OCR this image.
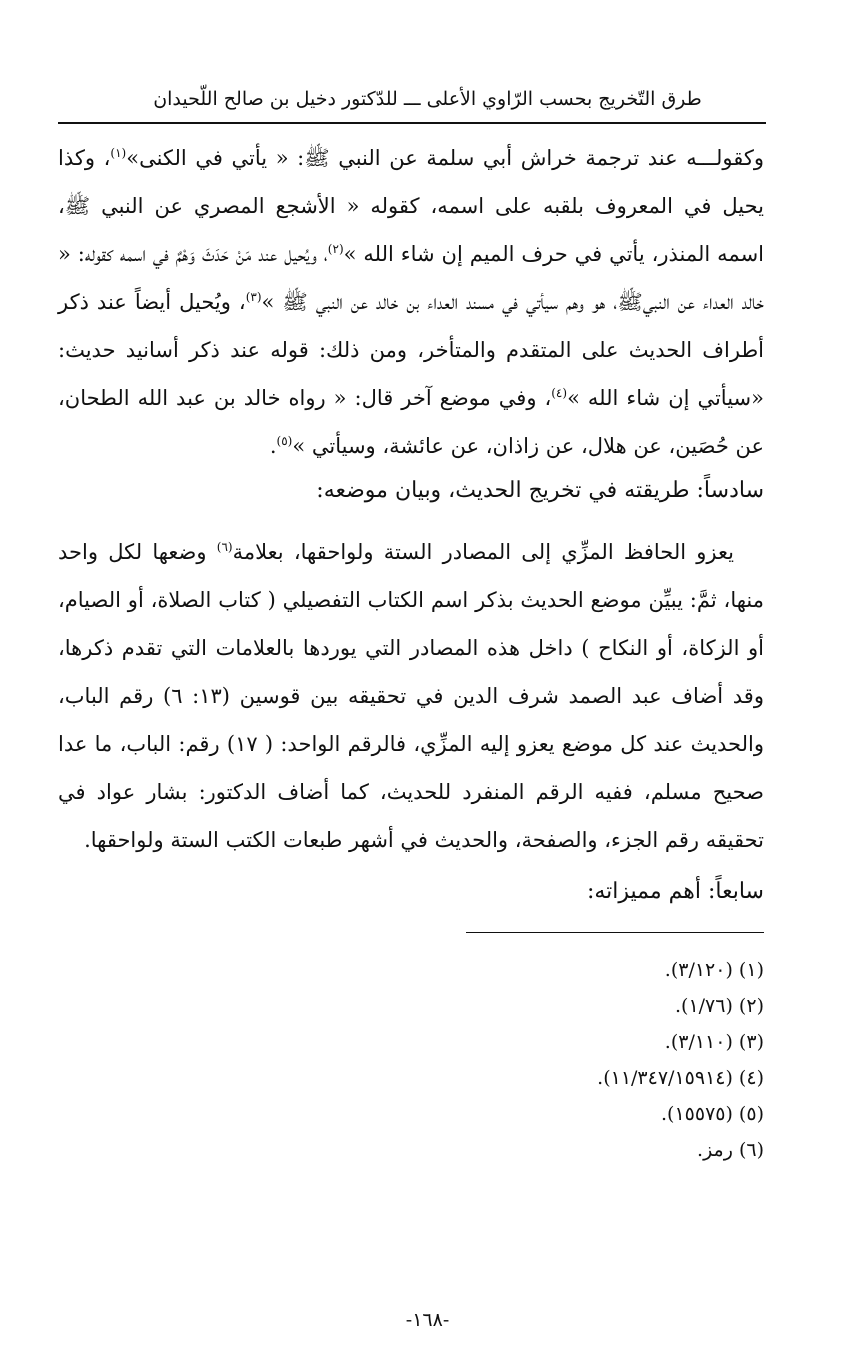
طرق التّخريج بحسب الرّاوي الأعلى ـــ للدّكتور دخيل بن صالح اللّحيدان
وكقولـــه عند ترجمة خراش أبي سلمة عن النبي ﷺ: « يأتي في الكنى»$^{(١)}$، وكذا يحيل في المعروف بلقبه على اسمه، كقوله « الأشجع المصري عن النبي ﷺ، اسمه المنذر، يأتي في حرف الميم إن شاء الله »$^{(٢)}$، ويُحيل عند مَنْ حَدَثَ وَهْمٌ في اسمه كقوله: « خالد العداء عن النبيﷺ، هو وهم سيأتي في مسند العداء بن خالد عن النبي ﷺ »$^{(٣)}$، ويُحيل أيضاً عند ذكر أطراف الحديث على المتقدم والمتأخر، ومن ذلك: قوله عند ذكر أسانيد حديث: «سيأتي إن شاء الله »$^{(٤)}$، وفي موضع آخر قال: « رواه خالد بن عبد الله الطحان، عن حُصَين، عن هلال، عن زاذان، عن عائشة، وسيأتي »$^{(٥)}$.
سادساً: طريقته في تخريج الحديث، وبيان موضعه:
يعزو الحافظ المزِّي إلى المصادر الستة ولواحقها، بعلامة$^{(٦)}$ وضعها لكل واحد منها، ثمَّ: يبيِّن موضع الحديث بذكر اسم الكتاب التفصيلي ( كتاب الصلاة، أو الصيام، أو الزكاة، أو النكاح ) داخل هذه المصادر التي يوردها بالعلامات التي تقدم ذكرها، وقد أضاف عبد الصمد شرف الدين في تحقيقه بين قوسين (١٣: ٦) رقم الباب، والحديث عند كل موضع يعزو إليه المزِّي، فالرقم الواحد: ( ١٧) رقم: الباب، ما عدا صحيح مسلم، ففيه الرقم المنفرد للحديث، كما أضاف الدكتور: بشار عواد في تحقيقه رقم الجزء، والصفحة، والحديث في أشهر طبعات الكتب الستة ولواحقها.
سابعاً: أهم مميزاته:
(١) (٣/١٢٠).
(٢) (١/٧٦).
(٣) (٣/١١٠).
(٤) (١١/٣٤٧/١٥٩١٤).
(٥) (١٥٥٧٥).
(٦) رمز.
-١٦٨-
